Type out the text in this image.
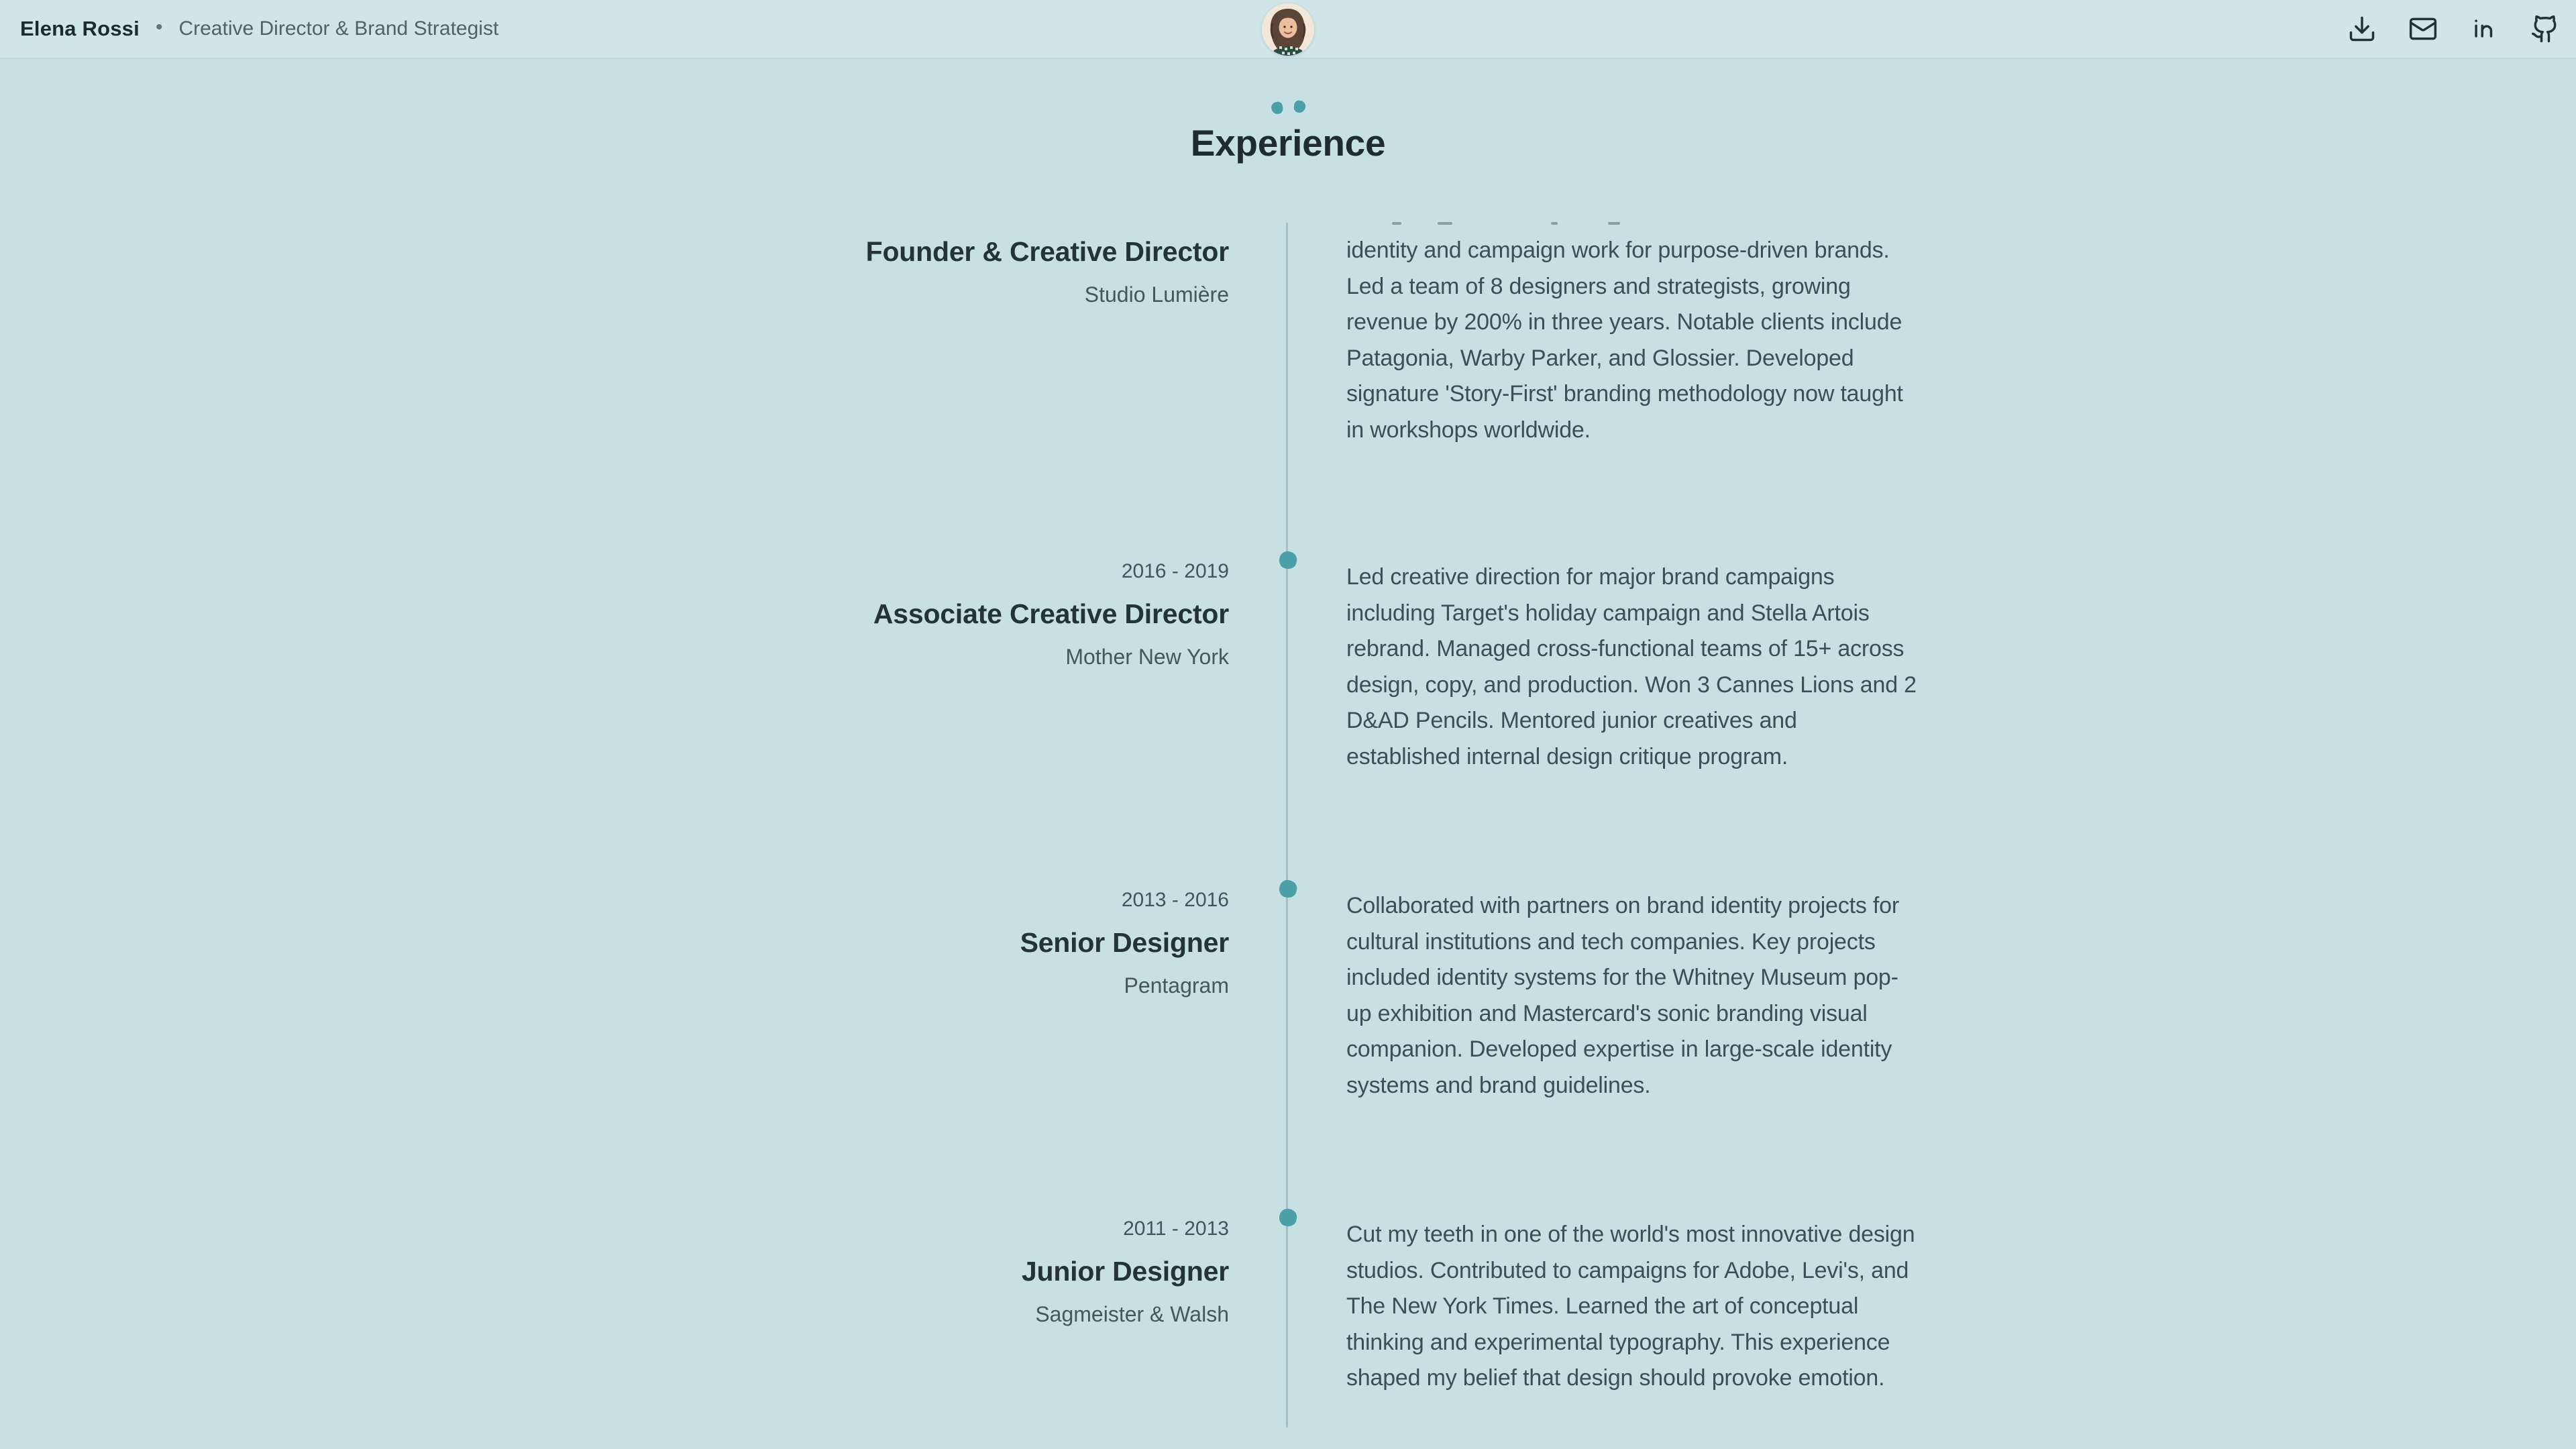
Elena Rossi • Creative Director & Brand Strategist
Experience
Founder & Creative Director
Studio Lumière
identity and campaign work for purpose-driven brands. Led a team of 8 designers and strategists, growing revenue by 200% in three years. Notable clients include Patagonia, Warby Parker, and Glossier. Developed signature 'Story-First' branding methodology now taught in workshops worldwide.
2016 - 2019
Associate Creative Director
Mother New York
Led creative direction for major brand campaigns including Target's holiday campaign and Stella Artois rebrand. Managed cross-functional teams of 15+ across design, copy, and production. Won 3 Cannes Lions and 2 D&AD Pencils. Mentored junior creatives and established internal design critique program.
2013 - 2016
Senior Designer
Pentagram
Collaborated with partners on brand identity projects for cultural institutions and tech companies. Key projects included identity systems for the Whitney Museum pop-up exhibition and Mastercard's sonic branding visual companion. Developed expertise in large-scale identity systems and brand guidelines.
2011 - 2013
Junior Designer
Sagmeister & Walsh
Cut my teeth in one of the world's most innovative design studios. Contributed to campaigns for Adobe, Levi's, and The New York Times. Learned the art of conceptual thinking and experimental typography. This experience shaped my belief that design should provoke emotion.
